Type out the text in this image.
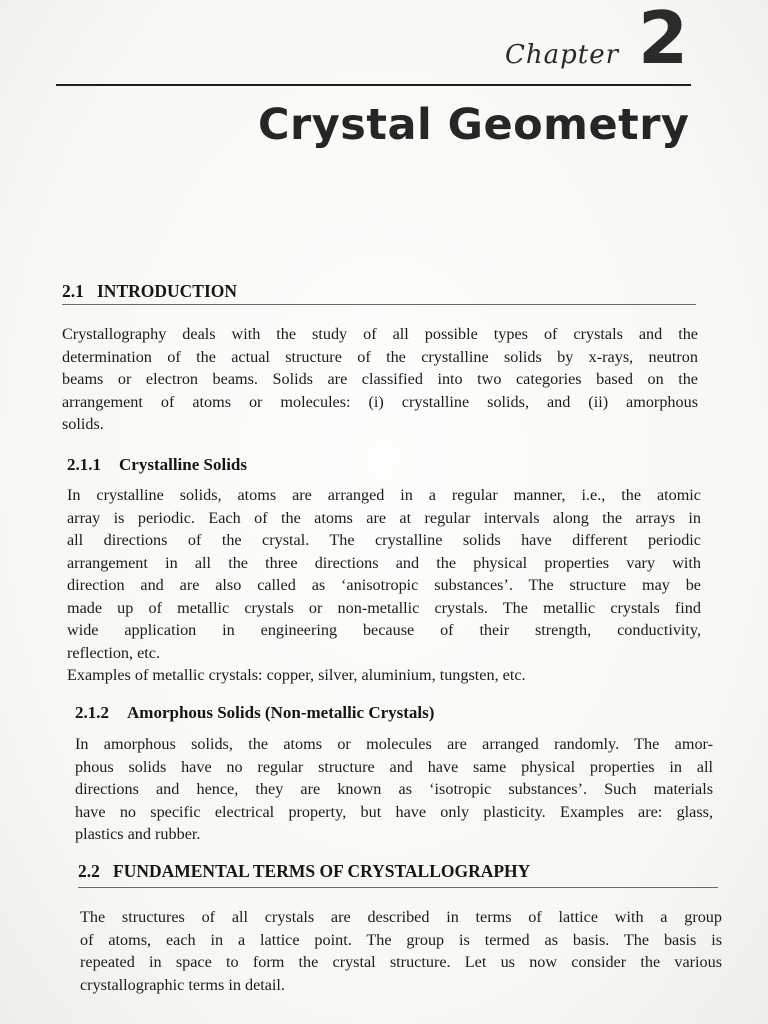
Chapter 2
Crystal Geometry
2.1 INTRODUCTION
Crystallography deals with the study of all possible types of crystals and the
determination of the actual structure of the crystalline solids by x-rays, neutron
beams or electron beams. Solids are classified into two categories based on the
arrangement of atoms or molecules: (i) crystalline solids, and (ii) amorphous
solids.
2.1.1 Crystalline Solids
In crystalline solids, atoms are arranged in a regular manner, i.e., the atomic
array is periodic. Each of the atoms are at regular intervals along the arrays in
all directions of the crystal. The crystalline solids have different periodic
arrangement in all the three directions and the physical properties vary with
direction and are also called as ‘anisotropic substances’. The structure may be
made up of metallic crystals or non-metallic crystals. The metallic crystals find
wide application in engineering because of their strength, conductivity,
reflection, etc.
Examples of metallic crystals: copper, silver, aluminium, tungsten, etc.
2.1.2 Amorphous Solids (Non-metallic Crystals)
In amorphous solids, the atoms or molecules are arranged randomly. The amor-
phous solids have no regular structure and have same physical properties in all
directions and hence, they are known as ‘isotropic substances’. Such materials
have no specific electrical property, but have only plasticity. Examples are: glass,
plastics and rubber.
2.2 FUNDAMENTAL TERMS OF CRYSTALLOGRAPHY
The structures of all crystals are described in terms of lattice with a group
of atoms, each in a lattice point. The group is termed as basis. The basis is
repeated in space to form the crystal structure. Let us now consider the various
crystallographic terms in detail.
